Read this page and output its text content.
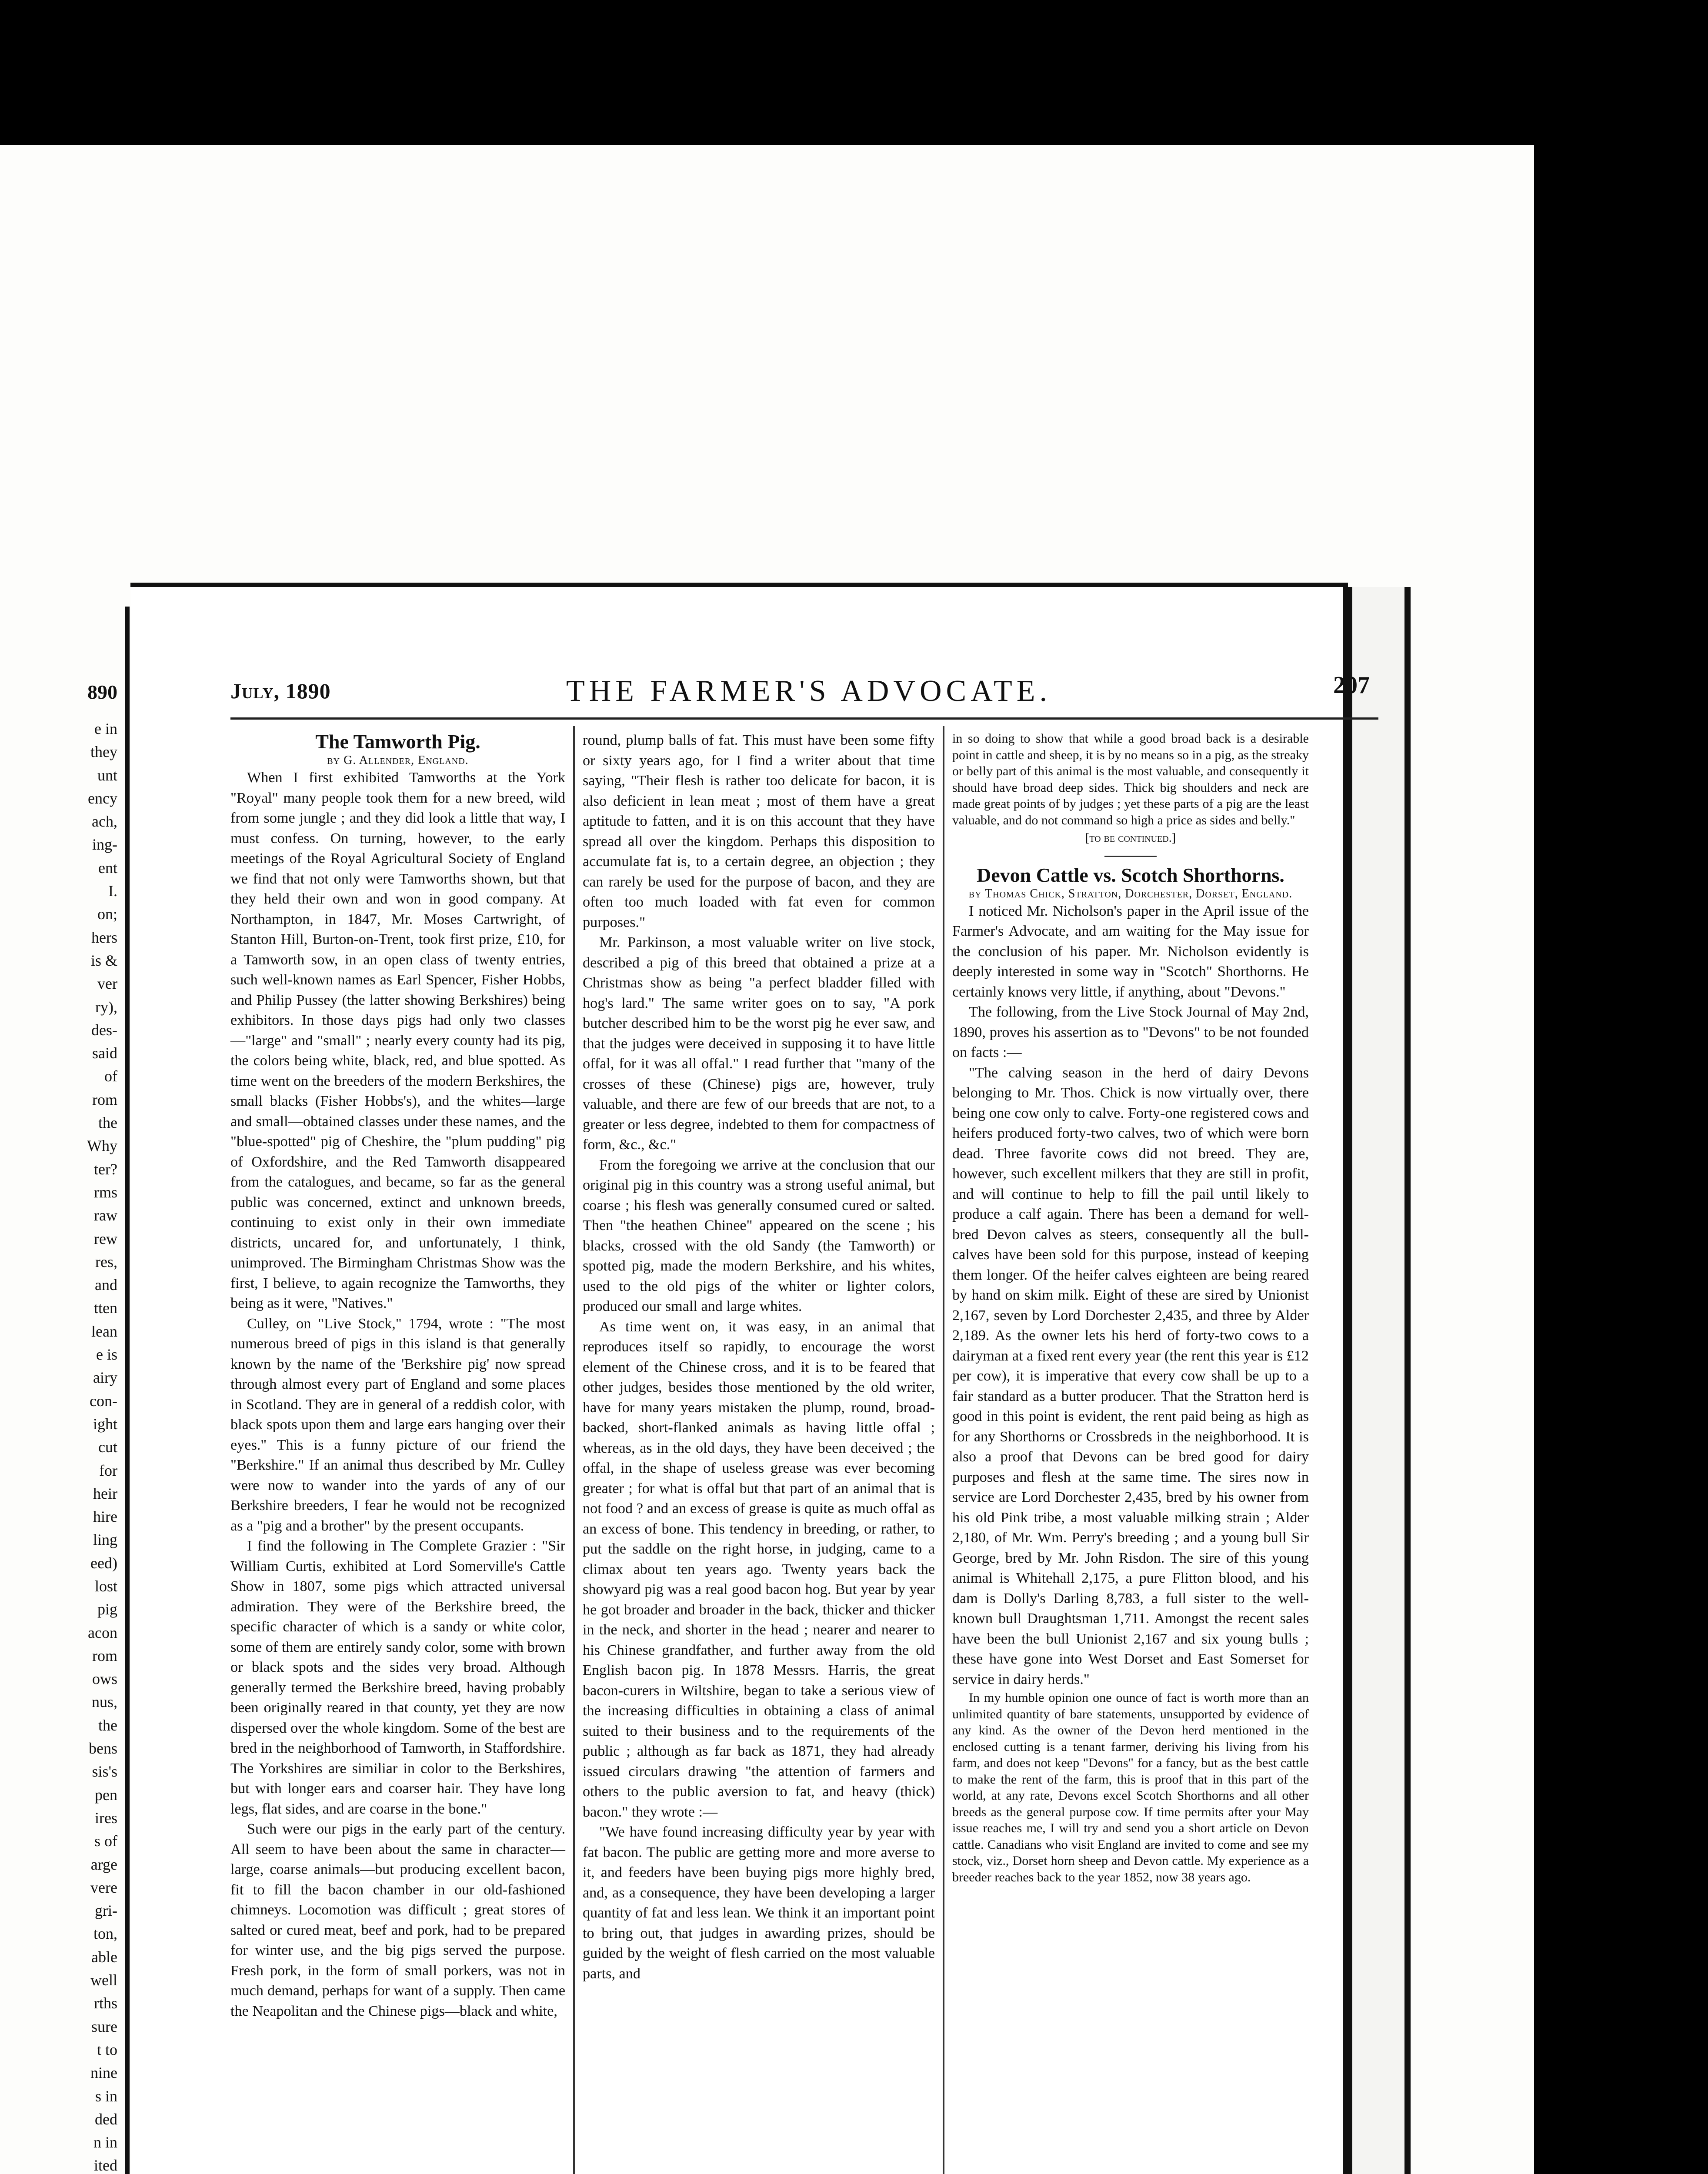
890
e in
they
unt
ency
ach,
ing-
ent
I.
on;
hers
is &
ver
ry),
des-
said
of
rom
the
Why
ter?
rms
raw
rew
res,
and
tten
lean
e is
airy
con-
ight
cut
for
heir
hire
ling
eed)
lost
pig
acon
rom
ows
nus,
the
bens
sis's
pen
ires
s of
arge
vere
gri-
ton,
able
well
rths
sure
t to
nine
s in
ded
n in
ited

July, 1890	THE FARMER'S ADVOCATE.	207

The Tamworth Pig.

by G. Allender, England.

When I first exhibited Tamworths at the York "Royal" many people took them for a new breed, wild from some jungle ; and they did look a little that way, I must confess. On turning, however, to the early meetings of the Royal Agricultural Society of England we find that not only were Tamworths shown, but that they held their own and won in good company. At Northampton, in 1847, Mr. Moses Cartwright, of Stanton Hill, Burton-on-Trent, took first prize, £10, for a Tamworth sow, in an open class of twenty entries, such well-known names as Earl Spencer, Fisher Hobbs, and Philip Pussey (the latter showing Berkshires) being exhibitors. In those days pigs had only two classes—"large" and "small" ; nearly every county had its pig, the colors being white, black, red, and blue spotted. As time went on the breeders of the modern Berkshires, the small blacks (Fisher Hobbs's), and the whites—large and small—obtained classes under these names, and the "blue-spotted" pig of Cheshire, the "plum pudding" pig of Oxfordshire, and the Red Tamworth disappeared from the catalogues, and became, so far as the general public was concerned, extinct and unknown breeds, continuing to exist only in their own immediate districts, uncared for, and unfortunately, I think, unimproved. The Birmingham Christmas Show was the first, I believe, to again recognize the Tamworths, they being as it were, "Natives."

Culley, on "Live Stock," 1794, wrote : "The most numerous breed of pigs in this island is that generally known by the name of the 'Berkshire pig' now spread through almost every part of England and some places in Scotland. They are in general of a reddish color, with black spots upon them and large ears hanging over their eyes." This is a funny picture of our friend the "Berkshire." If an animal thus described by Mr. Culley were now to wander into the yards of any of our Berkshire breeders, I fear he would not be recognized as a "pig and a brother" by the present occupants.

I find the following in The Complete Grazier : "Sir William Curtis, exhibited at Lord Somerville's Cattle Show in 1807, some pigs which attracted universal admiration. They were of the Berkshire breed, the specific character of which is a sandy or white color, some of them are entirely sandy color, some with brown or black spots and the sides very broad. Although generally termed the Berkshire breed, having probably been originally reared in that county, yet they are now dispersed over the whole kingdom. Some of the best are bred in the neighborhood of Tamworth, in Staffordshire. The Yorkshires are similiar in color to the Berkshires, but with longer ears and coarser hair. They have long legs, flat sides, and are coarse in the bone."

Such were our pigs in the early part of the century. All seem to have been about the same in character—large, coarse animals—but producing excellent bacon, fit to fill the bacon chamber in our old-fashioned chimneys. Locomotion was difficult ; great stores of salted or cured meat, beef and pork, had to be prepared for winter use, and the big pigs served the purpose. Fresh pork, in the form of small porkers, was not in much demand, perhaps for want of a supply. Then came the Neapolitan and the Chinese pigs—black and white,

round, plump balls of fat. This must have been some fifty or sixty years ago, for I find a writer about that time saying, "Their flesh is rather too delicate for bacon, it is also deficient in lean meat ; most of them have a great aptitude to fatten, and it is on this account that they have spread all over the kingdom. Perhaps this disposition to accumulate fat is, to a certain degree, an objection ; they can rarely be used for the purpose of bacon, and they are often too much loaded with fat even for common purposes."

Mr. Parkinson, a most valuable writer on live stock, described a pig of this breed that obtained a prize at a Christmas show as being "a perfect bladder filled with hog's lard." The same writer goes on to say, "A pork butcher described him to be the worst pig he ever saw, and that the judges were deceived in supposing it to have little offal, for it was all offal." I read further that "many of the crosses of these (Chinese) pigs are, however, truly valuable, and there are few of our breeds that are not, to a greater or less degree, indebted to them for compactness of form, &c., &c."

From the foregoing we arrive at the conclusion that our original pig in this country was a strong useful animal, but coarse ; his flesh was generally consumed cured or salted. Then "the heathen Chinee" appeared on the scene ; his blacks, crossed with the old Sandy (the Tamworth) or spotted pig, made the modern Berkshire, and his whites, used to the old pigs of the whiter or lighter colors, produced our small and large whites.

As time went on, it was easy, in an animal that reproduces itself so rapidly, to encourage the worst element of the Chinese cross, and it is to be feared that other judges, besides those mentioned by the old writer, have for many years mistaken the plump, round, broad-backed, short-flanked animals as having little offal ; whereas, as in the old days, they have been deceived ; the offal, in the shape of useless grease was ever becoming greater ; for what is offal but that part of an animal that is not food ? and an excess of grease is quite as much offal as an excess of bone. This tendency in breeding, or rather, to put the saddle on the right horse, in judging, came to a climax about ten years ago. Twenty years back the showyard pig was a real good bacon hog. But year by year he got broader and broader in the back, thicker and thicker in the neck, and shorter in the head ; nearer and nearer to his Chinese grandfather, and further away from the old English bacon pig. In 1878 Messrs. Harris, the great bacon-curers in Wiltshire, began to take a serious view of the increasing difficulties in obtaining a class of animal suited to their business and to the requirements of the public ; although as far back as 1871, they had already issued circulars drawing "the attention of farmers and others to the public aversion to fat, and heavy (thick) bacon." they wrote :—

"We have found increasing difficulty year by year with fat bacon. The public are getting more and more averse to it, and feeders have been buying pigs more highly bred, and, as a consequence, they have been developing a larger quantity of fat and less lean. We think it an important point to bring out, that judges in awarding prizes, should be guided by the weight of flesh carried on the most valuable parts, and

in so doing to show that while a good broad back is a desirable point in cattle and sheep, it is by no means so in a pig, as the streaky or belly part of this animal is the most valuable, and consequently it should have broad deep sides. Thick big shoulders and neck are made great points of by judges ; yet these parts of a pig are the least valuable, and do not command so high a price as sides and belly."

[to be continued.]

Devon Cattle vs. Scotch Shorthorns.

by Thomas Chick, Stratton, Dorchester, Dorset, England.

I noticed Mr. Nicholson's paper in the April issue of the Farmer's Advocate, and am waiting for the May issue for the conclusion of his paper. Mr. Nicholson evidently is deeply interested in some way in "Scotch" Shorthorns. He certainly knows very little, if anything, about "Devons."

The following, from the Live Stock Journal of May 2nd, 1890, proves his assertion as to "Devons" to be not founded on facts :—

"The calving season in the herd of dairy Devons belonging to Mr. Thos. Chick is now virtually over, there being one cow only to calve. Forty-one registered cows and heifers produced forty-two calves, two of which were born dead. Three favorite cows did not breed. They are, however, such excellent milkers that they are still in profit, and will continue to help to fill the pail until likely to produce a calf again. There has been a demand for well-bred Devon calves as steers, consequently all the bull-calves have been sold for this purpose, instead of keeping them longer. Of the heifer calves eighteen are being reared by hand on skim milk. Eight of these are sired by Unionist 2,167, seven by Lord Dorchester 2,435, and three by Alder 2,189. As the owner lets his herd of forty-two cows to a dairyman at a fixed rent every year (the rent this year is £12 per cow), it is imperative that every cow shall be up to a fair standard as a butter producer. That the Stratton herd is good in this point is evident, the rent paid being as high as for any Shorthorns or Crossbreds in the neighborhood. It is also a proof that Devons can be bred good for dairy purposes and flesh at the same time. The sires now in service are Lord Dorchester 2,435, bred by his owner from his old Pink tribe, a most valuable milking strain ; Alder 2,180, of Mr. Wm. Perry's breeding ; and a young bull Sir George, bred by Mr. John Risdon. The sire of this young animal is Whitehall 2,175, a pure Flitton blood, and his dam is Dolly's Darling 8,783, a full sister to the well-known bull Draughtsman 1,711. Amongst the recent sales have been the bull Unionist 2,167 and six young bulls ; these have gone into West Dorset and East Somerset for service in dairy herds."

In my humble opinion one ounce of fact is worth more than an unlimited quantity of bare statements, unsupported by evidence of any kind. As the owner of the Devon herd mentioned in the enclosed cutting is a tenant farmer, deriving his living from his farm, and does not keep "Devons" for a fancy, but as the best cattle to make the rent of the farm, this is proof that in this part of the world, at any rate, Devons excel Scotch Shorthorns and all other breeds as the general purpose cow. If time permits after your May issue reaches me, I will try and send you a short article on Devon cattle. Canadians who visit England are invited to come and see my stock, viz., Dorset horn sheep and Devon cattle. My experience as a breeder reaches back to the year 1852, now 38 years ago.
